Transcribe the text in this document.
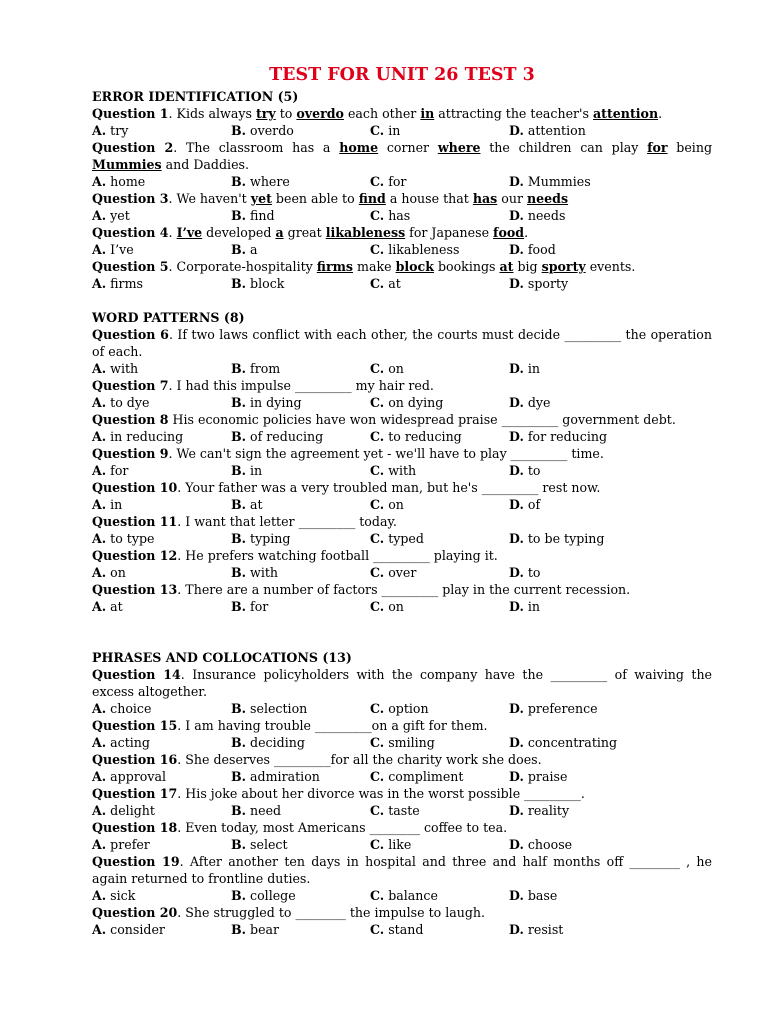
TEST FOR UNIT 26 TEST 3
ERROR IDENTIFICATION (5)
Question 1. Kids always try to overdo each other in attracting the teacher's attention.
A. try	B. overdo	C. in	D. attention
Question 2. The classroom has a home corner where the children can play for being Mummies and Daddies.
A. home	B. where	C. for	D. Mummies
Question 3. We haven't yet been able to find a house that has our needs
A. yet	B. find	C. has	D. needs
Question 4. I’ve developed a great likableness for Japanese food.
A. I’ve	B. a	C. likableness	D. food
Question 5. Corporate-hospitality firms make block bookings at big sporty events.
A. firms	B. block	C. at	D. sporty
WORD PATTERNS (8)
Question 6. If two laws conflict with each other, the courts must decide _________ the operation of each.
A. with	B. from	C. on	D. in
Question 7. I had this impulse _________ my hair red.
A. to dye	B. in dying	C. on dying	D. dye
Question 8 His economic policies have won widespread praise _________ government debt.
A. in reducing	B. of reducing	C. to reducing	D. for reducing
Question 9. We can't sign the agreement yet - we'll have to play _________ time.
A. for	B. in	C. with	D. to
Question 10. Your father was a very troubled man, but he's _________ rest now.
A. in	B. at	C. on	D. of
Question 11. I want that letter _________ today.
A. to type	B. typing	C. typed	D. to be typing
Question 12. He prefers watching football _________ playing it.
A. on	B. with	C. over	D. to
Question 13. There are a number of factors _________ play in the current recession.
A. at	B. for	C. on	D. in
PHRASES AND COLLOCATIONS (13)
Question 14. Insurance policyholders with the company have the _________ of waiving the excess altogether.
A. choice	B. selection	C. option	D. preference
Question 15. I am having trouble _________on a gift for them.
A. acting	B. deciding	C. smiling	D. concentrating
Question 16. She deserves _________for all the charity work she does.
A. approval	B. admiration	C. compliment	D. praise
Question 17. His joke about her divorce was in the worst possible _________.
A. delight	B. need	C. taste	D. reality
Question 18. Even today, most Americans ________ coffee to tea.
A. prefer	B. select	C. like	D. choose
Question 19. After another ten days in hospital and three and half months off ________ , he again returned to frontline duties.
A. sick	B. college	C. balance	D. base
Question 20. She struggled to ________ the impulse to laugh.
A. consider	B. bear	C. stand	D. resist
